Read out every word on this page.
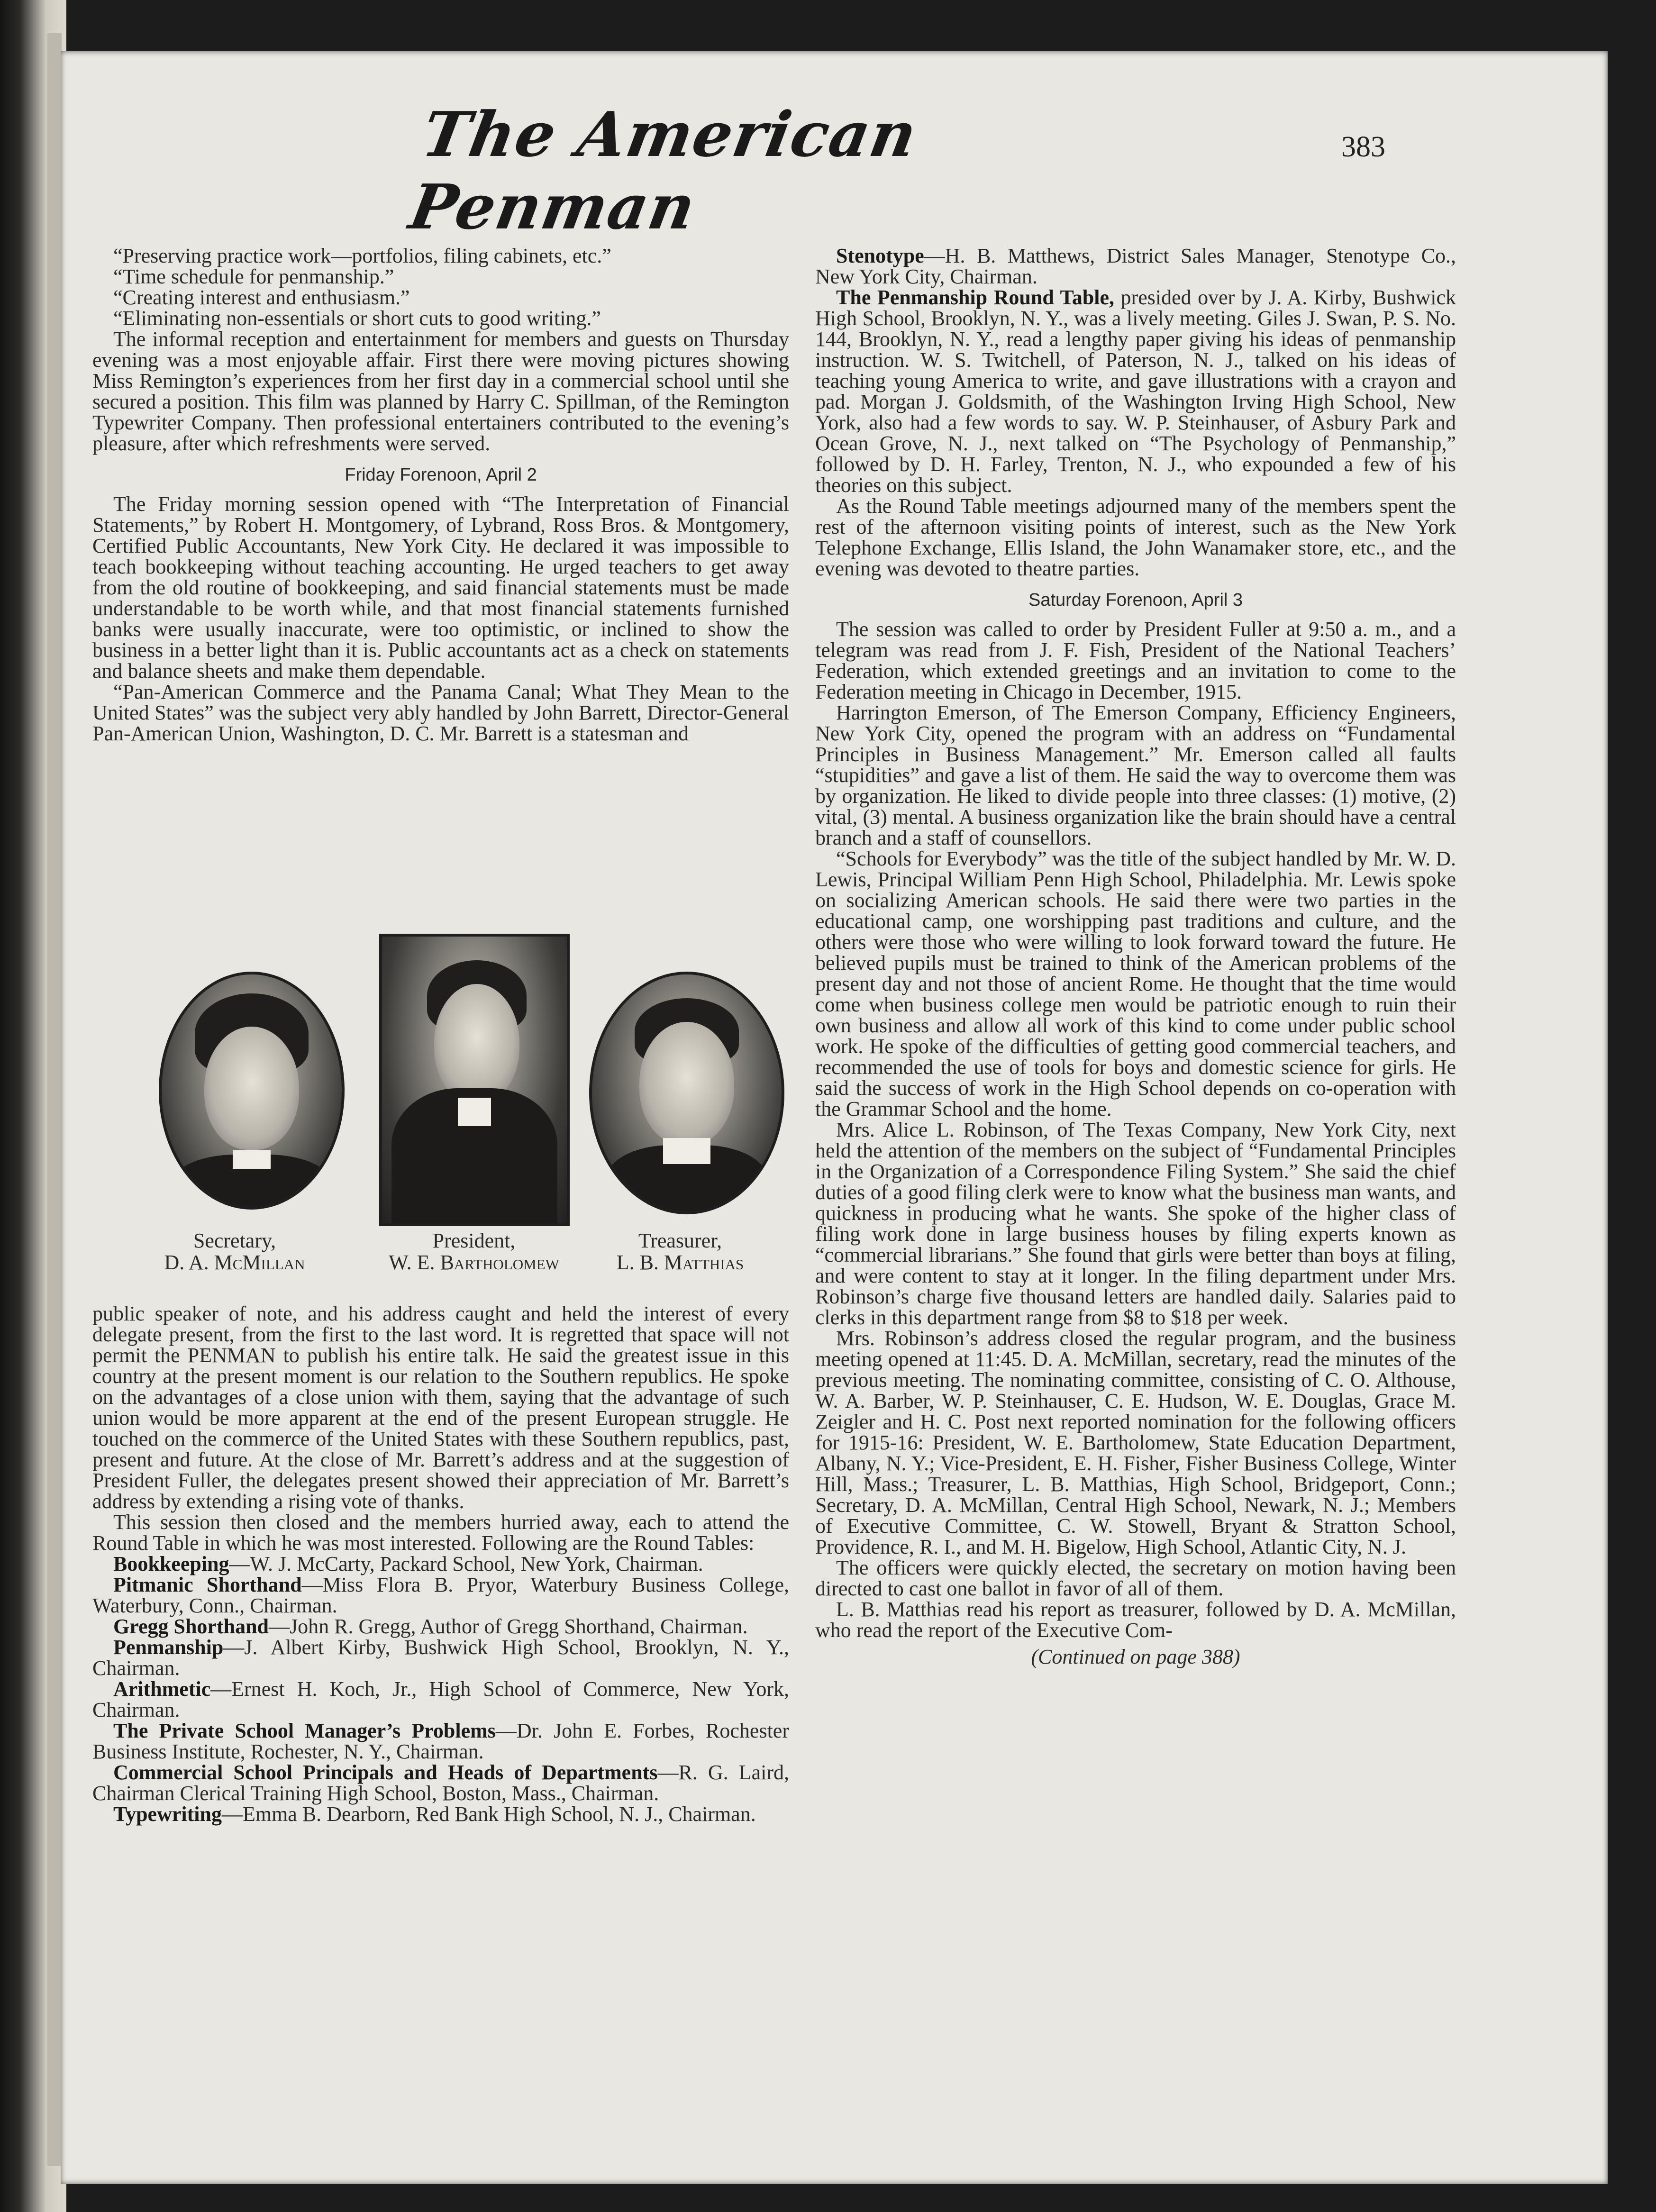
The American Penman
383

“Preserving practice work—portfolios, filing cabinets, etc.”

“Time schedule for penmanship.”

“Creating interest and enthusiasm.”

“Eliminating non-essentials or short cuts to good writing.”

The informal reception and entertainment for members and guests on Thursday evening was a most enjoyable affair. First there were moving pictures showing Miss Remington’s experiences from her first day in a commercial school until she secured a position. This film was planned by Harry C. Spillman, of the Remington Typewriter Company. Then professional entertainers contributed to the evening’s pleasure, after which refreshments were served.

Friday Forenoon, April 2

The Friday morning session opened with “The Interpretation of Financial Statements,” by Robert H. Montgomery, of Lybrand, Ross Bros. & Montgomery, Certified Public Accountants, New York City. He declared it was impossible to teach bookkeeping without teaching accounting. He urged teachers to get away from the old routine of bookkeeping, and said financial statements must be made understandable to be worth while, and that most financial statements furnished banks were usually inaccurate, were too optimistic, or inclined to show the business in a better light than it is. Public accountants act as a check on statements and balance sheets and make them dependable.

“Pan-American Commerce and the Panama Canal; What They Mean to the United States” was the subject very ably handled by John Barrett, Director-General Pan-American Union, Washington, D. C. Mr. Barrett is a statesman and

Secretary,
D. A. McMillan
President,
W. E. Bartholomew
Treasurer,
L. B. Matthias

public speaker of note, and his address caught and held the interest of every delegate present, from the first to the last word. It is regretted that space will not permit the PENMAN to publish his entire talk. He said the greatest issue in this country at the present moment is our relation to the Southern republics. He spoke on the advantages of a close union with them, saying that the advantage of such union would be more apparent at the end of the present European struggle. He touched on the commerce of the United States with these Southern republics, past, present and future. At the close of Mr. Barrett’s address and at the suggestion of President Fuller, the delegates present showed their appreciation of Mr. Barrett’s address by extending a rising vote of thanks.

This session then closed and the members hurried away, each to attend the Round Table in which he was most interested. Following are the Round Tables:

Bookkeeping—W. J. McCarty, Packard School, New York, Chairman.

Pitmanic Shorthand—Miss Flora B. Pryor, Waterbury Business College, Waterbury, Conn., Chairman.

Gregg Shorthand—John R. Gregg, Author of Gregg Shorthand, Chairman.

Penmanship—J. Albert Kirby, Bushwick High School, Brooklyn, N. Y., Chairman.

Arithmetic—Ernest H. Koch, Jr., High School of Commerce, New York, Chairman.

The Private School Manager’s Problems—Dr. John E. Forbes, Rochester Business Institute, Rochester, N. Y., Chairman.

Commercial School Principals and Heads of Departments—R. G. Laird, Chairman Clerical Training High School, Boston, Mass., Chairman.

Typewriting—Emma B. Dearborn, Red Bank High School, N. J., Chairman.

Stenotype—H. B. Matthews, District Sales Manager, Stenotype Co., New York City, Chairman.

The Penmanship Round Table, presided over by J. A. Kirby, Bushwick High School, Brooklyn, N. Y., was a lively meeting. Giles J. Swan, P. S. No. 144, Brooklyn, N. Y., read a lengthy paper giving his ideas of penmanship instruction. W. S. Twitchell, of Paterson, N. J., talked on his ideas of teaching young America to write, and gave illustrations with a crayon and pad. Morgan J. Goldsmith, of the Washington Irving High School, New York, also had a few words to say. W. P. Steinhauser, of Asbury Park and Ocean Grove, N. J., next talked on “The Psychology of Penmanship,” followed by D. H. Farley, Trenton, N. J., who expounded a few of his theories on this subject.

As the Round Table meetings adjourned many of the members spent the rest of the afternoon visiting points of interest, such as the New York Telephone Exchange, Ellis Island, the John Wanamaker store, etc., and the evening was devoted to theatre parties.

Saturday Forenoon, April 3

The session was called to order by President Fuller at 9:50 a. m., and a telegram was read from J. F. Fish, President of the National Teachers’ Federation, which extended greetings and an invitation to come to the Federation meeting in Chicago in December, 1915.

Harrington Emerson, of The Emerson Company, Efficiency Engineers, New York City, opened the program with an address on “Fundamental Principles in Business Management.” Mr. Emerson called all faults “stupidities” and gave a list of them. He said the way to overcome them was by organization. He liked to divide people into three classes: (1) motive, (2) vital, (3) mental. A business organization like the brain should have a central branch and a staff of counsellors.

“Schools for Everybody” was the title of the subject handled by Mr. W. D. Lewis, Principal William Penn High School, Philadelphia. Mr. Lewis spoke on socializing American schools. He said there were two parties in the educational camp, one worshipping past traditions and culture, and the others were those who were willing to look forward toward the future. He believed pupils must be trained to think of the American problems of the present day and not those of ancient Rome. He thought that the time would come when business college men would be patriotic enough to ruin their own business and allow all work of this kind to come under public school work. He spoke of the difficulties of getting good commercial teachers, and recommended the use of tools for boys and domestic science for girls. He said the success of work in the High School depends on co-operation with the Grammar School and the home.

Mrs. Alice L. Robinson, of The Texas Company, New York City, next held the attention of the members on the subject of “Fundamental Principles in the Organization of a Correspondence Filing System.” She said the chief duties of a good filing clerk were to know what the business man wants, and quickness in producing what he wants. She spoke of the higher class of filing work done in large business houses by filing experts known as “commercial librarians.” She found that girls were better than boys at filing, and were content to stay at it longer. In the filing department under Mrs. Robinson’s charge five thousand letters are handled daily. Salaries paid to clerks in this department range from $8 to $18 per week.

Mrs. Robinson’s address closed the regular program, and the business meeting opened at 11:45. D. A. McMillan, secretary, read the minutes of the previous meeting. The nominating committee, consisting of C. O. Althouse, W. A. Barber, W. P. Steinhauser, C. E. Hudson, W. E. Douglas, Grace M. Zeigler and H. C. Post next reported nomination for the following officers for 1915-16: President, W. E. Bartholomew, State Education Department, Albany, N. Y.; Vice-President, E. H. Fisher, Fisher Business College, Winter Hill, Mass.; Treasurer, L. B. Matthias, High School, Bridgeport, Conn.; Secretary, D. A. McMillan, Central High School, Newark, N. J.; Members of Executive Committee, C. W. Stowell, Bryant & Stratton School, Providence, R. I., and M. H. Bigelow, High School, Atlantic City, N. J.

The officers were quickly elected, the secretary on motion having been directed to cast one ballot in favor of all of them.

L. B. Matthias read his report as treasurer, followed by D. A. McMillan, who read the report of the Executive Com-

(Continued on page 388)
